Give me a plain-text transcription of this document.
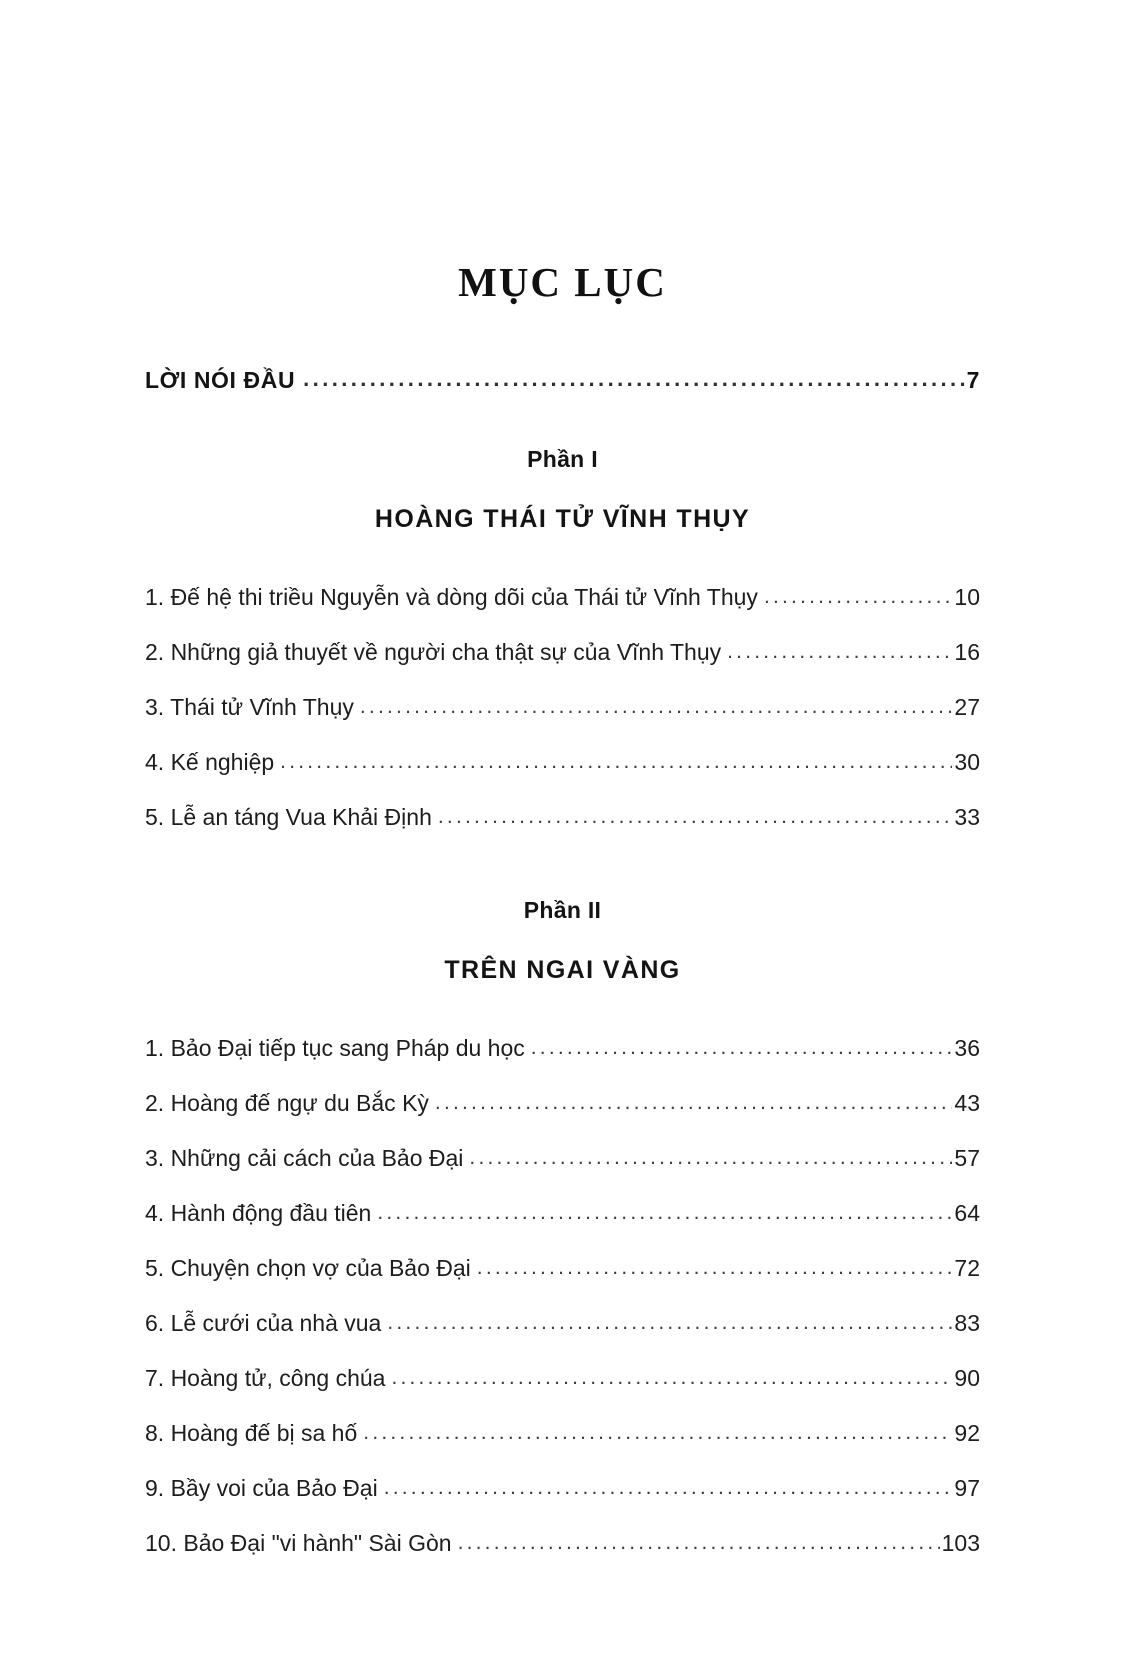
MỤC LỤC
LỜI NÓI ĐẦU .....	7
Phần I
HOÀNG THÁI TỬ VĨNH THỤY
1. Đế hệ thi triều Nguyễn và dòng dõi của Thái tử Vĩnh Thụy .....	10
2. Những giả thuyết về người cha thật sự của Vĩnh Thụy .....	16
3. Thái tử Vĩnh Thụy .....	27
4. Kế nghiệp .....	30
5. Lễ an táng Vua Khải Định .....	33
Phần II
TRÊN NGAI VÀNG
1. Bảo Đại tiếp tục sang Pháp du học .....	36
2. Hoàng đế ngự du Bắc Kỳ .....	43
3. Những cải cách của Bảo Đại .....	57
4. Hành động đầu tiên .....	64
5. Chuyện chọn vợ của Bảo Đại .....	72
6. Lễ cưới của nhà vua .....	83
7. Hoàng tử, công chúa .....	90
8. Hoàng đế bị sa hố .....	92
9. Bầy voi của Bảo Đại .....	97
10. Bảo Đại "vi hành" Sài Gòn .....	103
